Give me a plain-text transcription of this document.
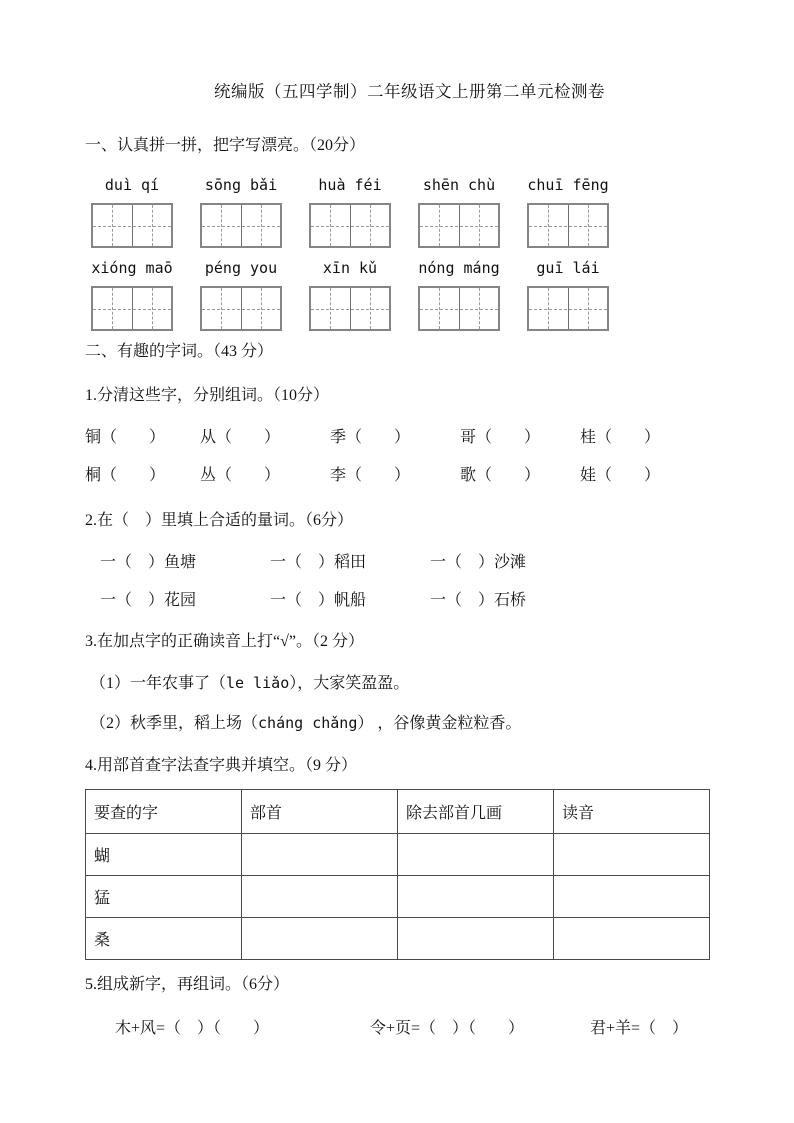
统编版（五四学制）二年级语文上册第二单元检测卷
一、认真拼一拼，把字写漂亮。（20分）
duì qí	sōng bǎi	huà féi	shēn chù	chuī fēng
xióng maō	péng you	xīn kǔ	nóng máng	guī lái
二、有趣的字词。（43 分）
1.分清这些字，分别组词。（10分）
铜（　　）	从（　　）	季（　　）	哥（　　）	桂（　　）
桐（　　）	丛（　　）	李（　　）	歌（　　）	娃（　　）
2.在（　）里填上合适的量词。（6分）
一（　）鱼塘	一（　）稻田	一（　）沙滩
一（　）花园	一（　）帆船	一（　）石桥
3.在加点字的正确读音上打“√”。（2 分）
（1）一年农事了（le liǎo），大家笑盈盈。
（2）秋季里，稻上场（cháng chǎng） ，谷像黄金粒粒香。
4.用部首查字法查字典并填空。（9 分）
要查的字	部首	除去部首几画	读音
蝴			
猛			
桑			
5.组成新字，再组词。（6分）
木+风=（　）（　　）	令+页=（　）（　　）	君+羊=（　）
